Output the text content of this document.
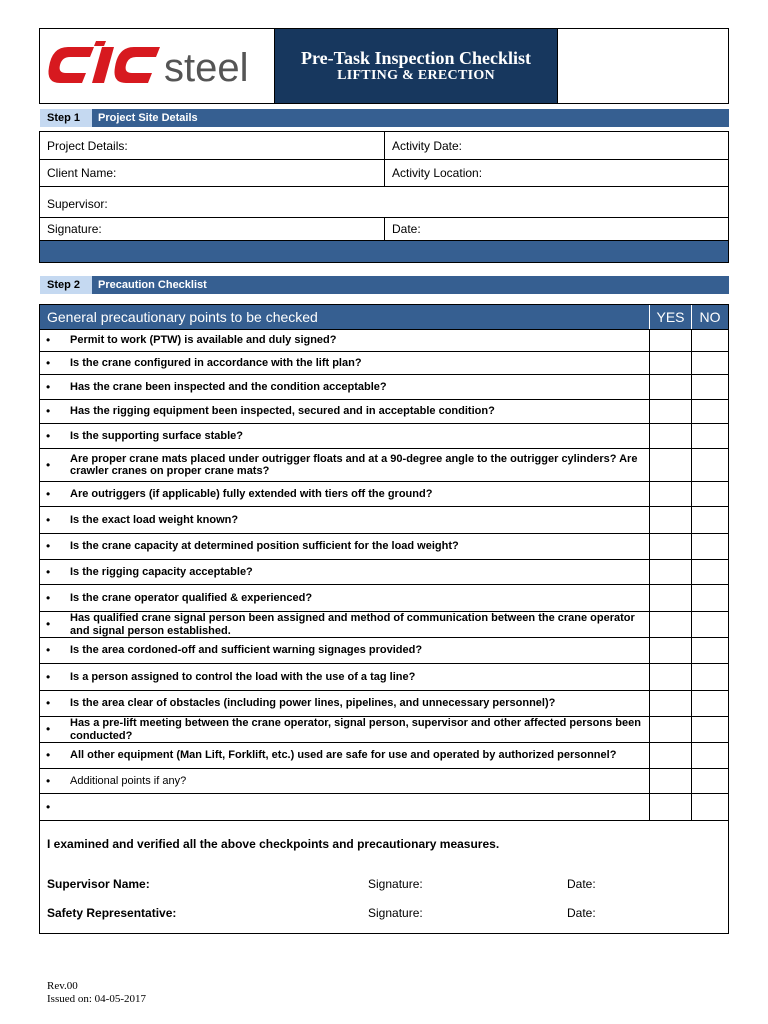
steel	Pre-Task Inspection Checklist
LIFTING & ERECTION
Step 1	Project Site Details
Project Details:	Activity Date:
Client Name:	Activity Location:
Supervisor:
Signature:	Date:
Step 2	Precaution Checklist
General precautionary points to be checked	YES	NO
•	Permit to work (PTW) is available and duly signed?
•	Is the crane configured in accordance with the lift plan?
•	Has the crane been inspected and the condition acceptable?
•	Has the rigging equipment been inspected, secured and in acceptable condition?
•	Is the supporting surface stable?
•	Are proper crane mats placed under outrigger floats and at a 90-degree angle to the outrigger cylinders? Are crawler cranes on proper crane mats?
•	Are outriggers (if applicable) fully extended with tiers off the ground?
•	Is the exact load weight known?
•	Is the crane capacity at determined position sufficient for the load weight?
•	Is the rigging capacity acceptable?
•	Is the crane operator qualified & experienced?
•	Has qualified crane signal person been assigned and method of communication between the crane operator and signal person established.
•	Is the area cordoned-off and sufficient warning signages provided?
•	Is a person assigned to control the load with the use of a tag line?
•	Is the area clear of obstacles (including power lines, pipelines, and unnecessary personnel)?
•	Has a pre-lift meeting between the crane operator, signal person, supervisor and other affected persons been conducted?
•	All other equipment (Man Lift, Forklift, etc.) used are safe for use and operated by authorized personnel?
•	Additional points if any?
•
I examined and verified all the above checkpoints and precautionary measures.
Supervisor Name:	Signature:	Date:
Safety Representative:	Signature:	Date:
Rev.00
Issued on: 04-05-2017
